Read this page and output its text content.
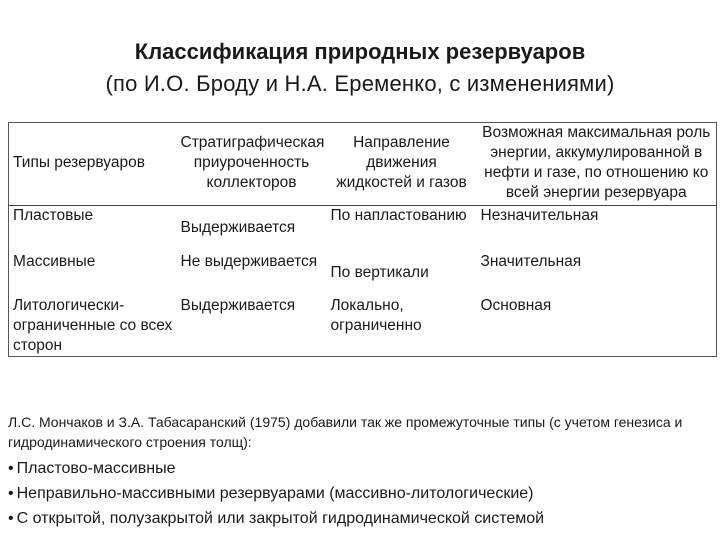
Классификация природных резервуаров
(по И.О. Броду и Н.А. Еременко, с изменениями)
Типы резервуаров	Стратиграфическая приуроченность коллекторов	Направление движения жидкостей и газов	Возможная максимальная роль энергии, аккумулированной в нефти и газе, по отношению ко всей энергии резервуара
Пластовые	Выдерживается	По напластованию	Незначительная
Массивные	Не выдерживается	По вертикали	Значительная
Литологически-ограниченные со всех сторон	Выдерживается	Локально, ограниченно	Основная

Л.С. Мончаков и З.А. Табасаранский (1975) добавили так же промежуточные типы (с учетом генезиса и гидродинамического строения толщ):

• Пластово-массивные
• Неправильно-массивными резервуарами (массивно-литологические)
• С открытой, полузакрытой или закрытой гидродинамической системой
